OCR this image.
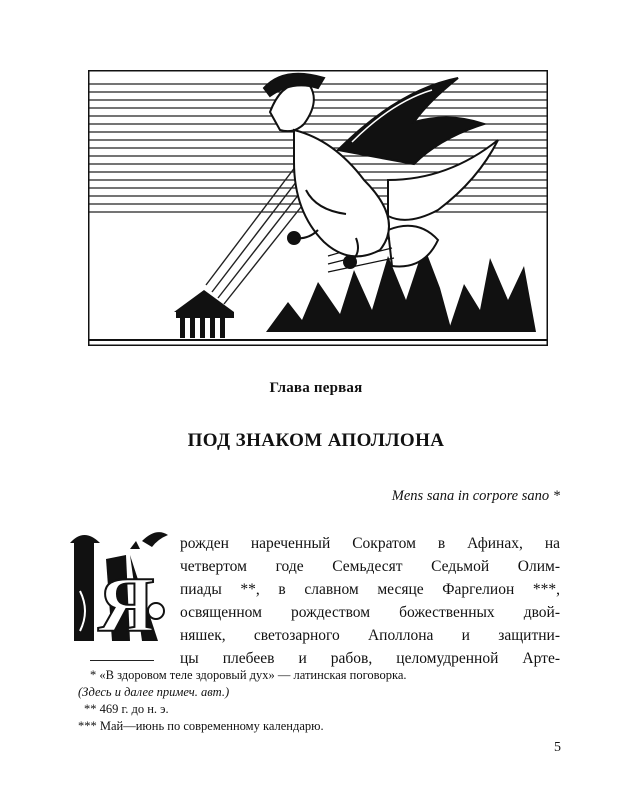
Глава первая
ПОД ЗНАКОМ АПОЛЛОНА
Mens sana in corpore sano *
Я
рожден нареченный Сократом в Афинах, на
четвертом годе Семьдесят Седьмой Олим-
пиады **, в славном месяце Фаргелион ***,
освященном рождеством божественных двой-
няшек, светозарного Аполлона и защитни-
цы плебеев и рабов, целомудренной Арте-
* «В здоровом теле здоровый дух» — латинская поговорка.
(Здесь и далее примеч. авт.)
** 469 г. до н. э.
*** Май—июнь по современному календарю.
5
